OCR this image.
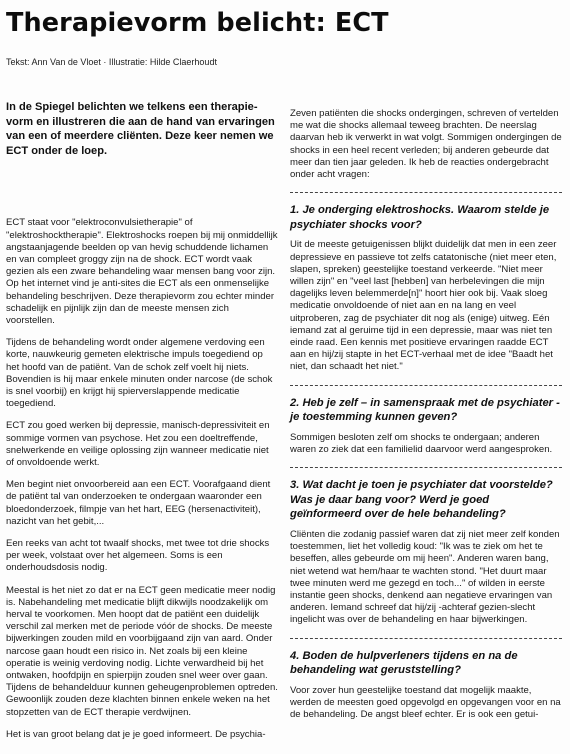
Therapievorm belicht: ECT
Tekst: Ann Van de Vloet · Illustratie: Hilde Claerhoudt

In de Spiegel belichten we telkens een therapie-vorm en illustreren die aan de hand van ervaringen van een of meerdere cliënten. Deze keer nemen we ECT onder de loep.

ECT staat voor "elektroconvulsietherapie" of "elektroshocktherapie". Elektroshocks roepen bij mij onmiddellijk angstaanjagende beelden op van hevig schuddende lichamen en van compleet groggy zijn na de shock. ECT wordt vaak gezien als een zware behandeling waar mensen bang voor zijn. Op het internet vind je anti-sites die ECT als een onmenselijke behandeling beschrijven. Deze therapievorm zou echter minder schadelijk en pijnlijk zijn dan de meeste mensen zich voorstellen.

Tijdens de behandeling wordt onder algemene verdoving een korte, nauwkeurig gemeten elektrische impuls toegediend op het hoofd van de patiënt. Van de schok zelf voelt hij niets. Bovendien is hij maar enkele minuten onder narcose (de schok is snel voorbij) en krijgt hij spierverslappende medicatie toegediend.

ECT zou goed werken bij depressie, manisch-depressiviteit en sommige vormen van psychose. Het zou een doeltreffende, snelwerkende en veilige oplossing zijn wanneer medicatie niet of onvoldoende werkt.

Men begint niet onvoorbereid aan een ECT. Voorafgaand dient de patiënt tal van onderzoeken te ondergaan waaronder een bloedonderzoek, filmpje van het hart, EEG (hersenactiviteit), nazicht van het gebit,...

Een reeks van acht tot twaalf shocks, met twee tot drie shocks per week, volstaat over het algemeen. Soms is een onderhoudsdosis nodig.

Meestal is het niet zo dat er na ECT geen medicatie meer nodig is. Nabehandeling met medicatie blijft dikwijls noodzakelijk om herval te voorkomen. Men hoopt dat de patiënt een duidelijk verschil zal merken met de periode vóór de shocks. De meeste bijwerkingen zouden mild en voorbijgaand zijn van aard. Onder narcose gaan houdt een risico in. Net zoals bij een kleine operatie is weinig verdoving nodig. Lichte verwardheid bij het ontwaken, hoofdpijn en spierpijn zouden snel weer over gaan. Tijdens de behandelduur kunnen geheugenproblemen optreden. Gewoonlijk zouden deze klachten binnen enkele weken na het stopzetten van de ECT therapie verdwijnen.

Het is van groot belang dat je je goed informeert. De psychia-

Zeven patiënten die shocks ondergingen, schreven of vertelden me wat die shocks allemaal teweeg brachten. De neerslag daarvan heb ik verwerkt in wat volgt. Sommigen ondergingen de shocks in een heel recent verleden; bij anderen gebeurde dat meer dan tien jaar geleden. Ik heb de reacties ondergebracht onder acht vragen:

1. Je onderging elektroshocks. Waarom stelde je psychiater shocks voor?

Uit de meeste getuigenissen blijkt duidelijk dat men in een zeer depressieve en passieve tot zelfs catatonische (niet meer eten, slapen, spreken) geestelijke toestand verkeerde. "Niet meer willen zijn" en "veel last [hebben] van herbelevingen die mijn dagelijks leven belemmerde[n]" hoort hier ook bij. Vaak sloeg medicatie onvoldoende of niet aan en na lang en veel uitproberen, zag de psychiater dit nog als (enige) uitweg. Eén iemand zat al geruime tijd in een depressie, maar was niet ten einde raad. Een kennis met positieve ervaringen raadde ECT aan en hij/zij stapte in het ECT-verhaal met de idee "Baadt het niet, dan schaadt het niet."

2. Heb je zelf – in samenspraak met de psychiater - je toestemming kunnen geven?

Sommigen besloten zelf om shocks te ondergaan; anderen waren zo ziek dat een familielid daarvoor werd aangesproken.

3. Wat dacht je toen je psychiater dat voorstelde? Was je daar bang voor? Werd je goed geïnformeerd over de hele behandeling?

Cliënten die zodanig passief waren dat zij niet meer zelf konden toestemmen, liet het volledig koud: "Ik was te ziek om het te beseffen, alles gebeurde om mij heen". Anderen waren bang, niet wetend wat hem/haar te wachten stond. "Het duurt maar twee minuten werd me gezegd en toch..." of wilden in eerste instantie geen shocks, denkend aan negatieve ervaringen van anderen. Iemand schreef dat hij/zij -achteraf gezien-slecht ingelicht was over de behandeling en haar bijwerkingen.

4. Boden de hulpverleners tijdens en na de behandeling wat geruststelling?

Voor zover hun geestelijke toestand dat mogelijk maakte, werden de meesten goed opgevolgd en opgevangen voor en na de behandeling. De angst bleef echter. Er is ook een getui-
